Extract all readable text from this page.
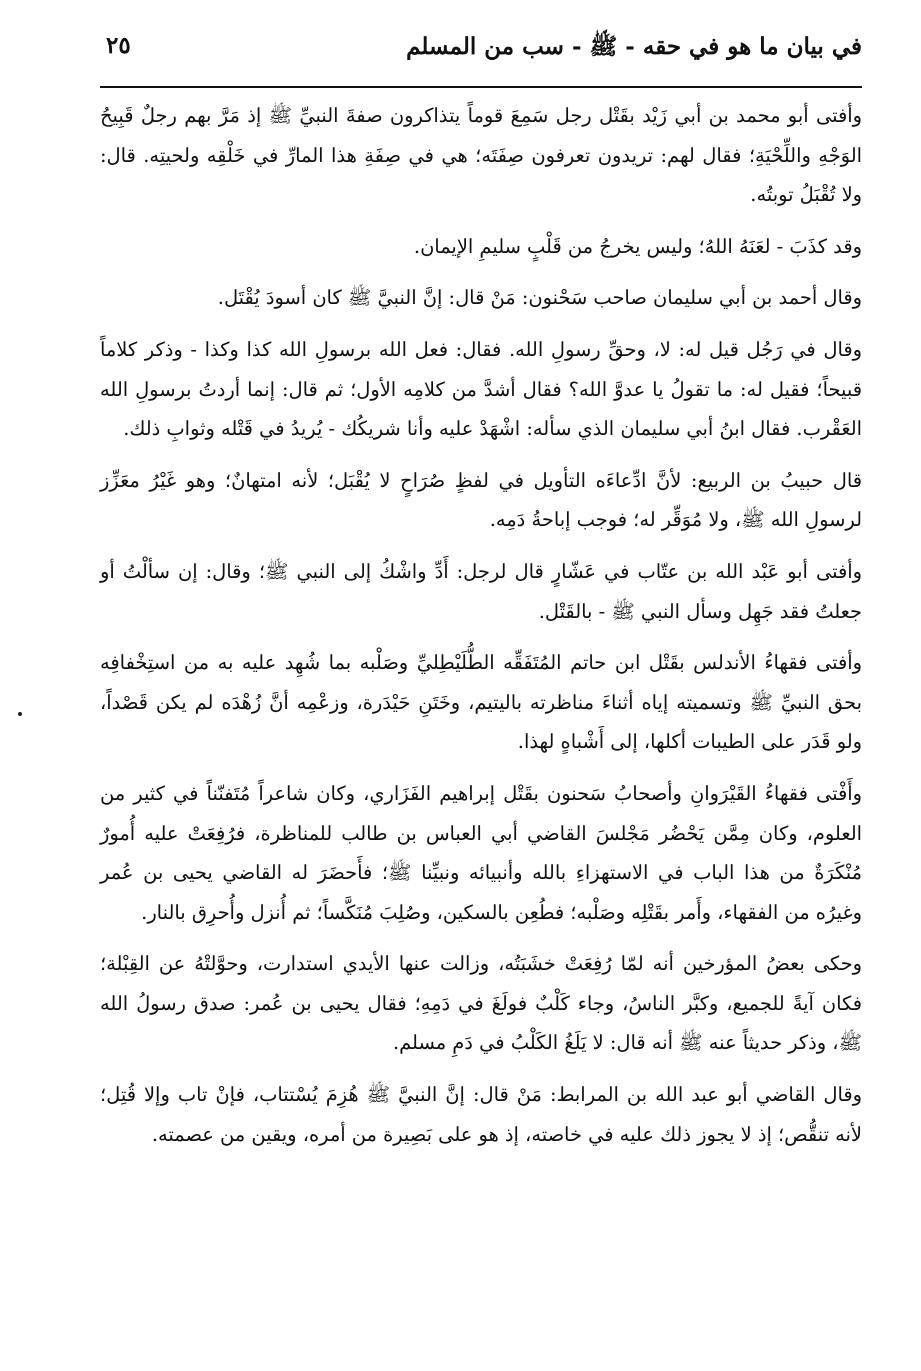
في بيان ما هو في حقه - ﷺ - سب من المسلم
٢٥

وأفتى أبو محمد بن أبي زَيْد بقَتْل رجل سَمِعَ قوماً يتذاكرون صفةَ النبيِّ ﷺ إذ مَرَّ بهم رجلٌ قَبِيحُ الوَجْهِ واللِّحْيَةِ؛ فقال لهم: تريدون تعرفون صِفَتَه؛ هي في صِفَةِ هذا المارِّ في خَلْقِه ولحيتِه. قال: ولا تُقْبَلُ توبتُه.

وقد كذَبَ - لعَنَهُ اللهُ؛ وليس يخرجُ من قَلْبٍ سليمِ الإيمان.

وقال أحمد بن أبي سليمان صاحب سَحْنون: مَنْ قال: إنَّ النبيَّ ﷺ كان أسودَ يُقْتَل.

وقال في رَجُل قيل له: لا، وحقِّ رسولِ الله. فقال: فعل الله برسولِ الله كذا وكذا - وذكر كلاماً قبيحاً؛ فقيل له: ما تقولُ يا عدوَّ الله؟ فقال أشدَّ من كلامِه الأول؛ ثم قال: إنما أردتُ برسولِ الله العَقْرب. فقال ابنُ أبي سليمان الذي سأله: اشْهَدْ عليه وأنا شريكُك - يُريدُ في قَتْله وثوابِ ذلك.

قال حبيبُ بن الربيع: لأنَّ ادِّعاءَه التأويل في لفظٍ صُرَاحٍ لا يُقْبَل؛ لأنه امتهانٌ؛ وهو غَيْرُ معَزِّز لرسولِ الله ﷺ، ولا مُوَقِّر له؛ فوجب إباحةُ دَمِه.

وأفتى أبو عَبْد الله بن عتّاب في عَشّارٍ قال لرجل: أَدِّ واشْكُ إلى النبي ﷺ؛ وقال: إن سألْتُ أو جعلتُ فقد جَهِل وسأل النبي ﷺ - بالقَتْل.

وأفتى فقهاءُ الأندلس بقَتْل ابن حاتم المُتَفَقِّه الطُّلَيْطِليِّ وصَلْبه بما شُهِد عليه به من استِخْفافِه بحق النبيِّ ﷺ وتسميته إياه أثناءَ مناظرته باليتيم، وخَتَنِ حَيْدَرة، وزعْمِه أنَّ زُهْدَه لم يكن قَصْداً، ولو قَدَر على الطيبات أكلها، إلى أَشْباهٍ لهذا.

وأَفْتى فقهاءُ القَيْرَوانِ وأصحابُ سَحنون بقَتْل إبراهيم الفَزَاري، وكان شاعراً مُتَفنّناً في كثير من العلوم، وكان مِمَّن يَحْضُر مَجْلسَ القاضي أبي العباس بن طالب للمناظرة، فرُفِعَتْ عليه أُمورٌ مُنْكَرَةٌ من هذا الباب في الاستهزاءِ بالله وأنبيائه ونبيِّنا ﷺ؛ فأَحضَرَ له القاضي يحيى بن عُمر وغيرُه من الفقهاء، وأَمر بقَتْلِه وصَلْبه؛ فطُعِن بالسكين، وصُلِبَ مُنَكَّساً؛ ثم أُنزل وأُحرِق بالنار.

وحكى بعضُ المؤرخين أنه لمّا رُفِعَتْ خشَبَتُه، وزالت عنها الأيدي استدارت، وحوَّلتْهُ عن القِبْلة؛ فكان آيةً للجميع، وكبَّر الناسُ، وجاء كَلْبٌ فولَغَ في دَمِهِ؛ فقال يحيى بن عُمر: صدق رسولُ الله ﷺ، وذكر حديثاً عنه ﷺ أنه قال: لا يَلَغُ الكَلْبُ في دَمِ مسلم.

وقال القاضي أبو عبد الله بن المرابط: مَنْ قال: إنَّ النبيَّ ﷺ هُزِمَ يُسْتتاب، فإنْ تاب وإلا قُتِل؛ لأنه تنقُّص؛ إذ لا يجوز ذلك عليه في خاصته، إذ هو على بَصِيرة من أمره، ويقين من عصمته.
